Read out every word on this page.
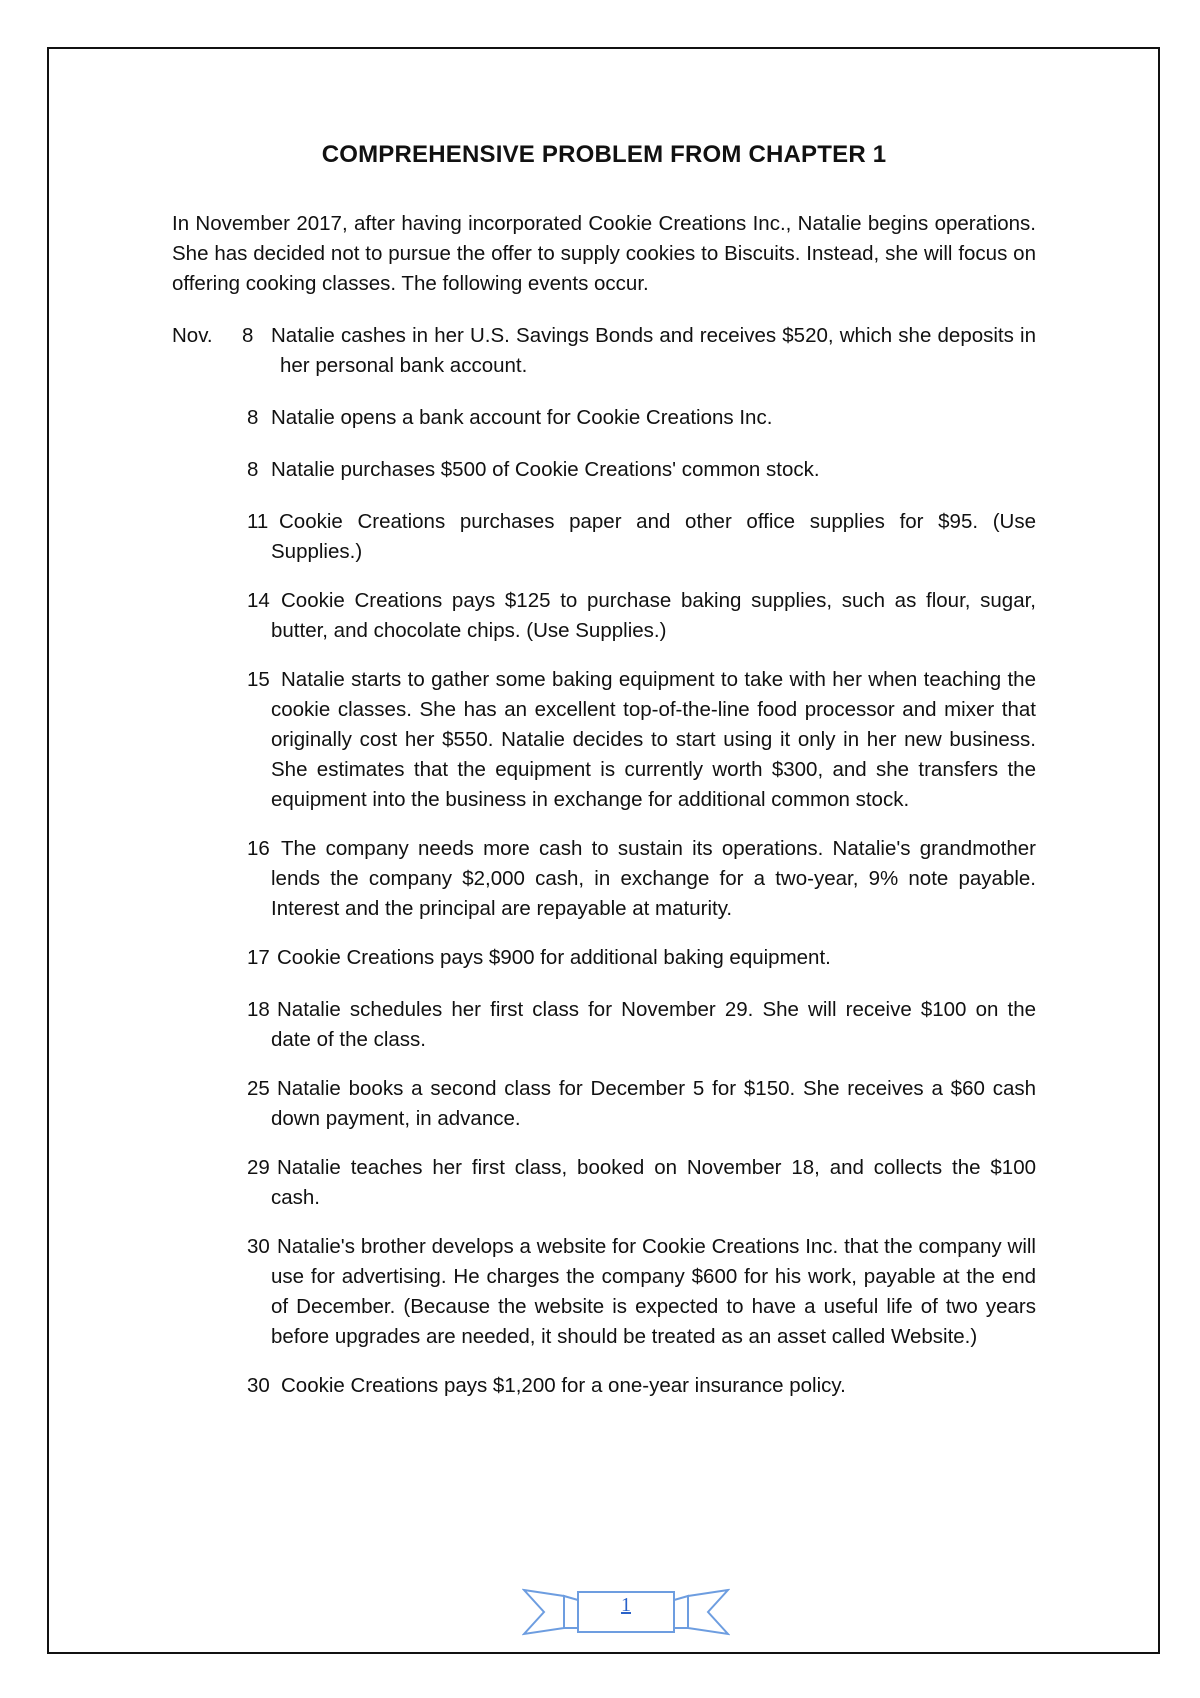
COMPREHENSIVE PROBLEM FROM CHAPTER 1

In November 2017, after having incorporated Cookie Creations Inc., Natalie begins operations. She has decided not to pursue the offer to supply cookies to Biscuits. Instead, she will focus on offering cooking classes. The following events occur.

Nov. 8 Natalie cashes in her U.S. Savings Bonds and receives $520, which she deposits in her personal bank account.
8 Natalie opens a bank account for Cookie Creations Inc.
8 Natalie purchases $500 of Cookie Creations' common stock.
11 Cookie Creations purchases paper and other office supplies for $95. (Use Supplies.)
14 Cookie Creations pays $125 to purchase baking supplies, such as flour, sugar, butter, and chocolate chips. (Use Supplies.)
15 Natalie starts to gather some baking equipment to take with her when teaching the cookie classes. She has an excellent top-of-the-line food processor and mixer that originally cost her $550. Natalie decides to start using it only in her new business. She estimates that the equipment is currently worth $300, and she transfers the equipment into the business in exchange for additional common stock.
16 The company needs more cash to sustain its operations. Natalie's grandmother lends the company $2,000 cash, in exchange for a two-year, 9% note payable. Interest and the principal are repayable at maturity.
17 Cookie Creations pays $900 for additional baking equipment.
18 Natalie schedules her first class for November 29. She will receive $100 on the date of the class.
25 Natalie books a second class for December 5 for $150. She receives a $60 cash down payment, in advance.
29 Natalie teaches her first class, booked on November 18, and collects the $100 cash.
30 Natalie's brother develops a website for Cookie Creations Inc. that the company will use for advertising. He charges the company $600 for his work, payable at the end of December. (Because the website is expected to have a useful life of two years before upgrades are needed, it should be treated as an asset called Website.)
30 Cookie Creations pays $1,200 for a one-year insurance policy.
1
